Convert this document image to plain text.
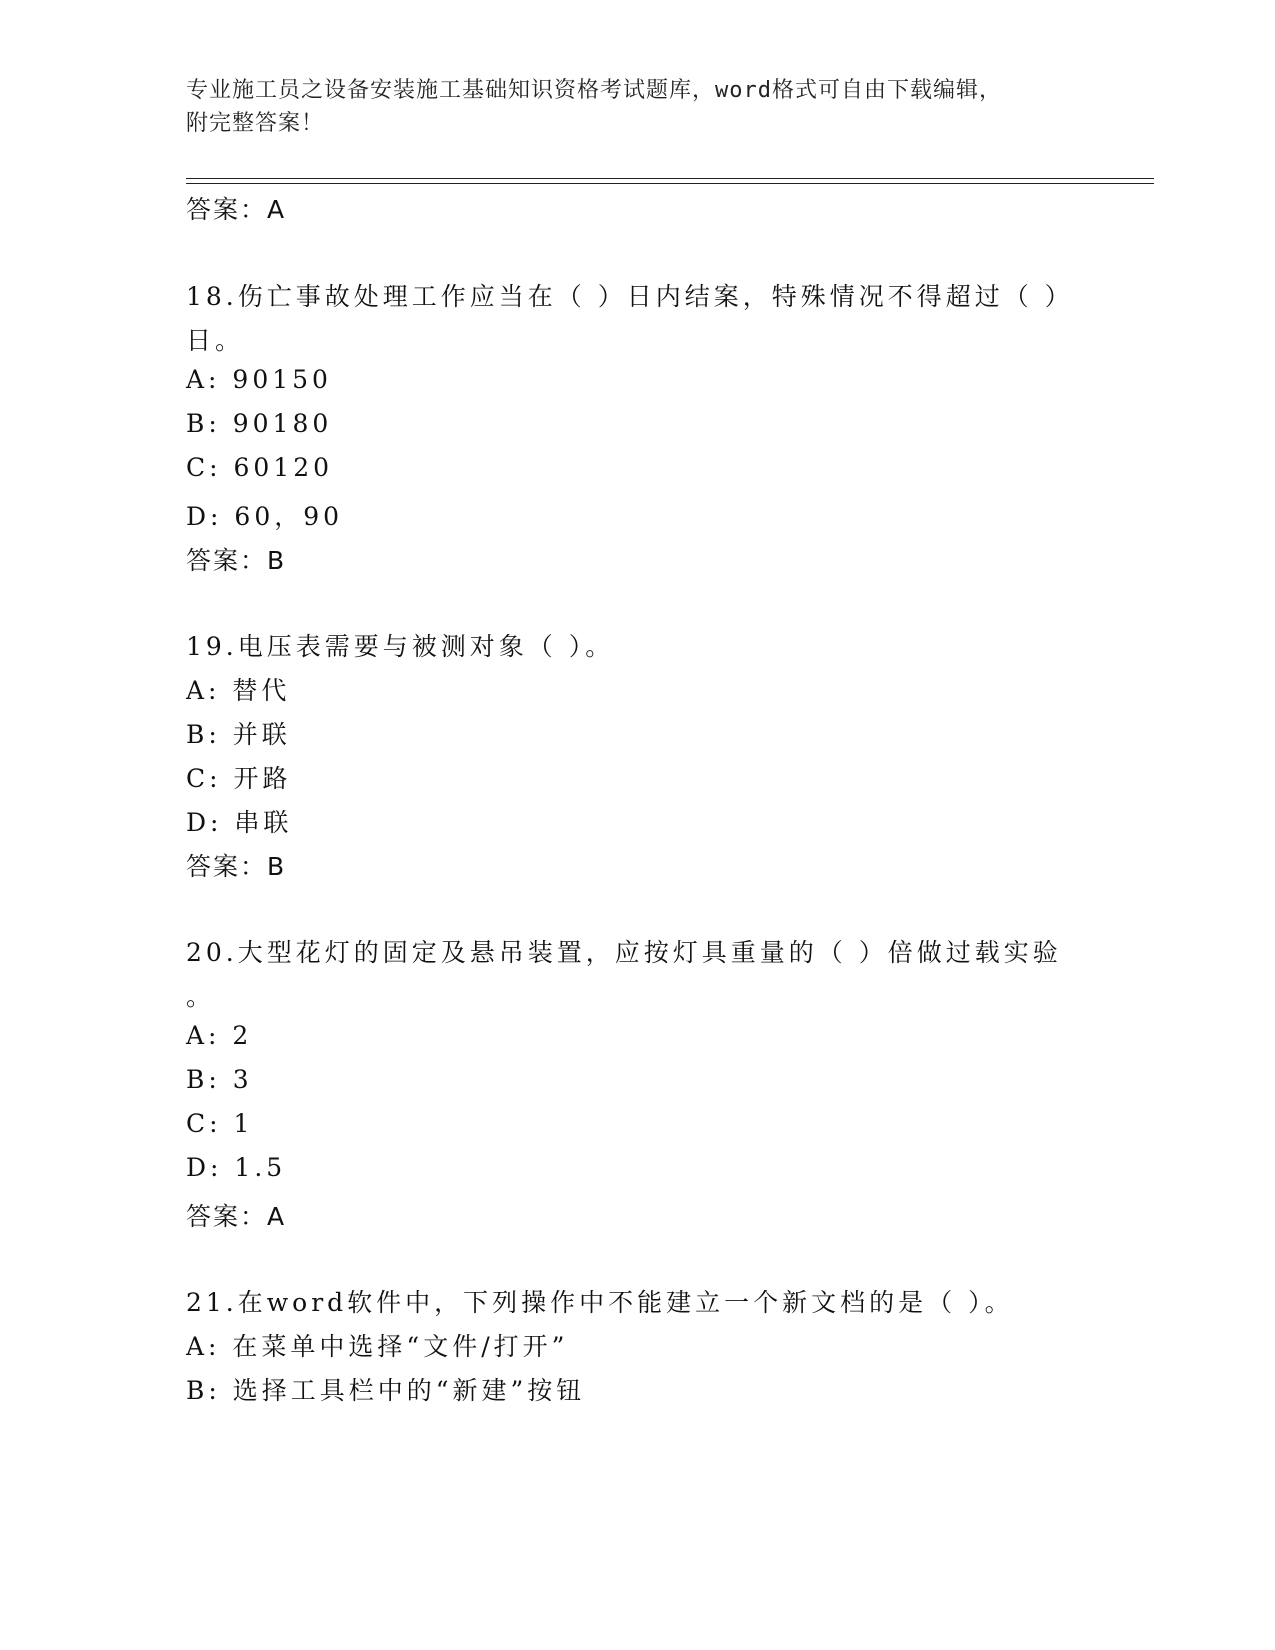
专业施工员之设备安装施工基础知识资格考试题库，word格式可自由下载编辑，
附完整答案！
答案：A
18.伤亡事故处理工作应当在（ ）日内结案，特殊情况不得超过（ ）
日。
A: 90150
B: 90180
C: 60120
D: 60，90
答案：B
19.电压表需要与被测对象（ ）。
A: 替代
B: 并联
C: 开路
D: 串联
答案：B
20.大型花灯的固定及悬吊装置，应按灯具重量的（ ）倍做过载实验
。
A: 2
B: 3
C: 1
D: 1.5
答案：A
21.在word软件中，下列操作中不能建立一个新文档的是（ ）。
A: 在菜单中选择“文件/打开”
B: 选择工具栏中的“新建”按钮
